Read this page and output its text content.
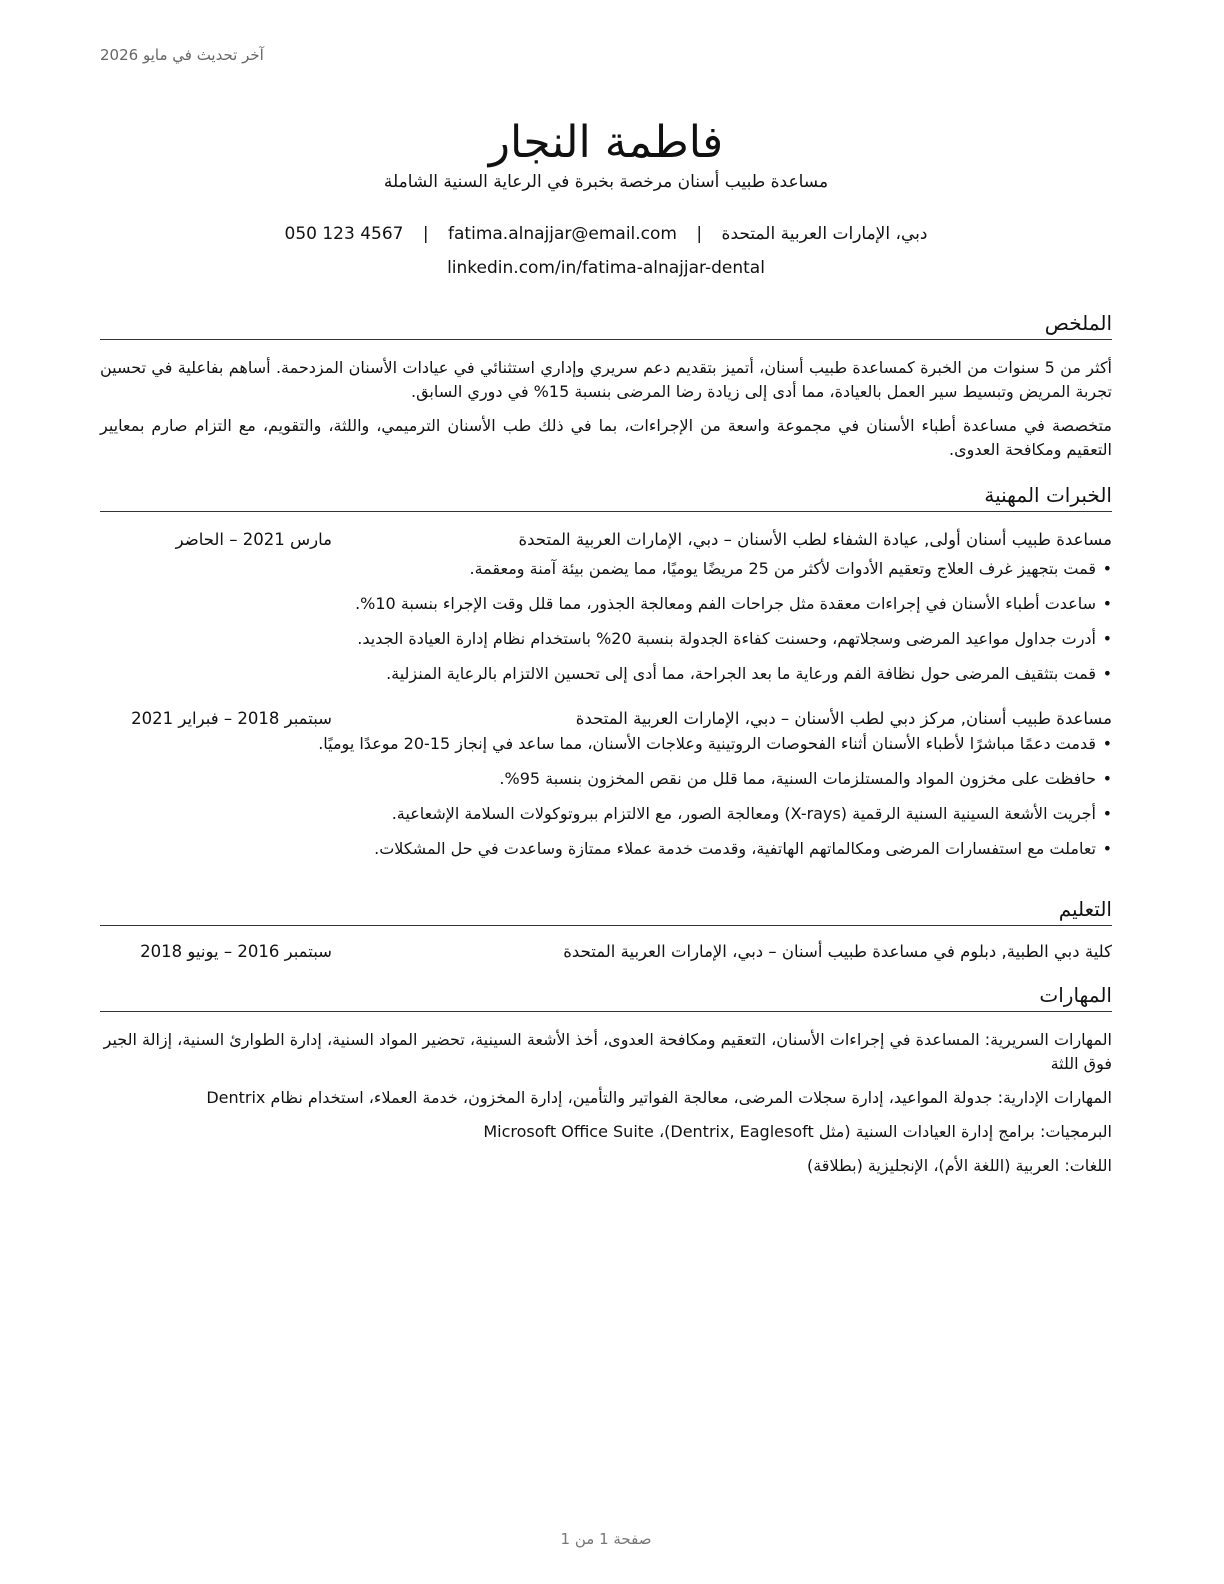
آخر تحديث في مايو 2026
فاطمة النجار
مساعدة طبيب أسنان مرخصة بخبرة في الرعاية السنية الشاملة
دبي، الإمارات العربية المتحدة | fatima.alnajjar@email.com | 050 123 4567
linkedin.com/in/fatima-alnajjar-dental
الملخص

أكثر من 5 سنوات من الخبرة كمساعدة طبيب أسنان، أتميز بتقديم دعم سريري وإداري استثنائي في عيادات الأسنان المزدحمة. أساهم بفاعلية في تحسين تجربة المريض وتبسيط سير العمل بالعيادة، مما أدى إلى زيادة رضا المرضى بنسبة 15% في دوري السابق.

متخصصة في مساعدة أطباء الأسنان في مجموعة واسعة من الإجراءات، بما في ذلك طب الأسنان الترميمي، واللثة، والتقويم، مع التزام صارم بمعايير التعقيم ومكافحة العدوى.

الخبرات المهنية
مساعدة طبيب أسنان أولى, عيادة الشفاء لطب الأسنان – دبي، الإمارات العربية المتحدة
مارس 2021 – الحاضر
• قمت بتجهيز غرف العلاج وتعقيم الأدوات لأكثر من 25 مريضًا يوميًا، مما يضمن بيئة آمنة ومعقمة.
• ساعدت أطباء الأسنان في إجراءات معقدة مثل جراحات الفم ومعالجة الجذور، مما قلل وقت الإجراء بنسبة 10%.
• أدرت جداول مواعيد المرضى وسجلاتهم، وحسنت كفاءة الجدولة بنسبة 20% باستخدام نظام إدارة العيادة الجديد.
• قمت بتثقيف المرضى حول نظافة الفم ورعاية ما بعد الجراحة، مما أدى إلى تحسين الالتزام بالرعاية المنزلية.
مساعدة طبيب أسنان, مركز دبي لطب الأسنان – دبي، الإمارات العربية المتحدة
سبتمبر 2018 – فبراير 2021
• قدمت دعمًا مباشرًا لأطباء الأسنان أثناء الفحوصات الروتينية وعلاجات الأسنان، مما ساعد في إنجاز 15-20 موعدًا يوميًا.
• حافظت على مخزون المواد والمستلزمات السنية، مما قلل من نقص المخزون بنسبة 95%.
• أجريت الأشعة السينية السنية الرقمية (X-rays) ومعالجة الصور، مع الالتزام ببروتوكولات السلامة الإشعاعية.
• تعاملت مع استفسارات المرضى ومكالماتهم الهاتفية، وقدمت خدمة عملاء ممتازة وساعدت في حل المشكلات.
التعليم
كلية دبي الطبية, دبلوم في مساعدة طبيب أسنان – دبي، الإمارات العربية المتحدة
سبتمبر 2016 – يونيو 2018
المهارات
المهارات السريرية: المساعدة في إجراءات الأسنان، التعقيم ومكافحة العدوى، أخذ الأشعة السينية، تحضير المواد السنية، إدارة الطوارئ السنية، إزالة الجير فوق اللثة
المهارات الإدارية: جدولة المواعيد، إدارة سجلات المرضى، معالجة الفواتير والتأمين، إدارة المخزون، خدمة العملاء، استخدام نظام Dentrix
البرمجيات: برامج إدارة العيادات السنية (مثل Dentrix, Eaglesoft)، Microsoft Office Suite
اللغات: العربية (اللغة الأم)، الإنجليزية (بطلاقة)
صفحة 1 من 1
